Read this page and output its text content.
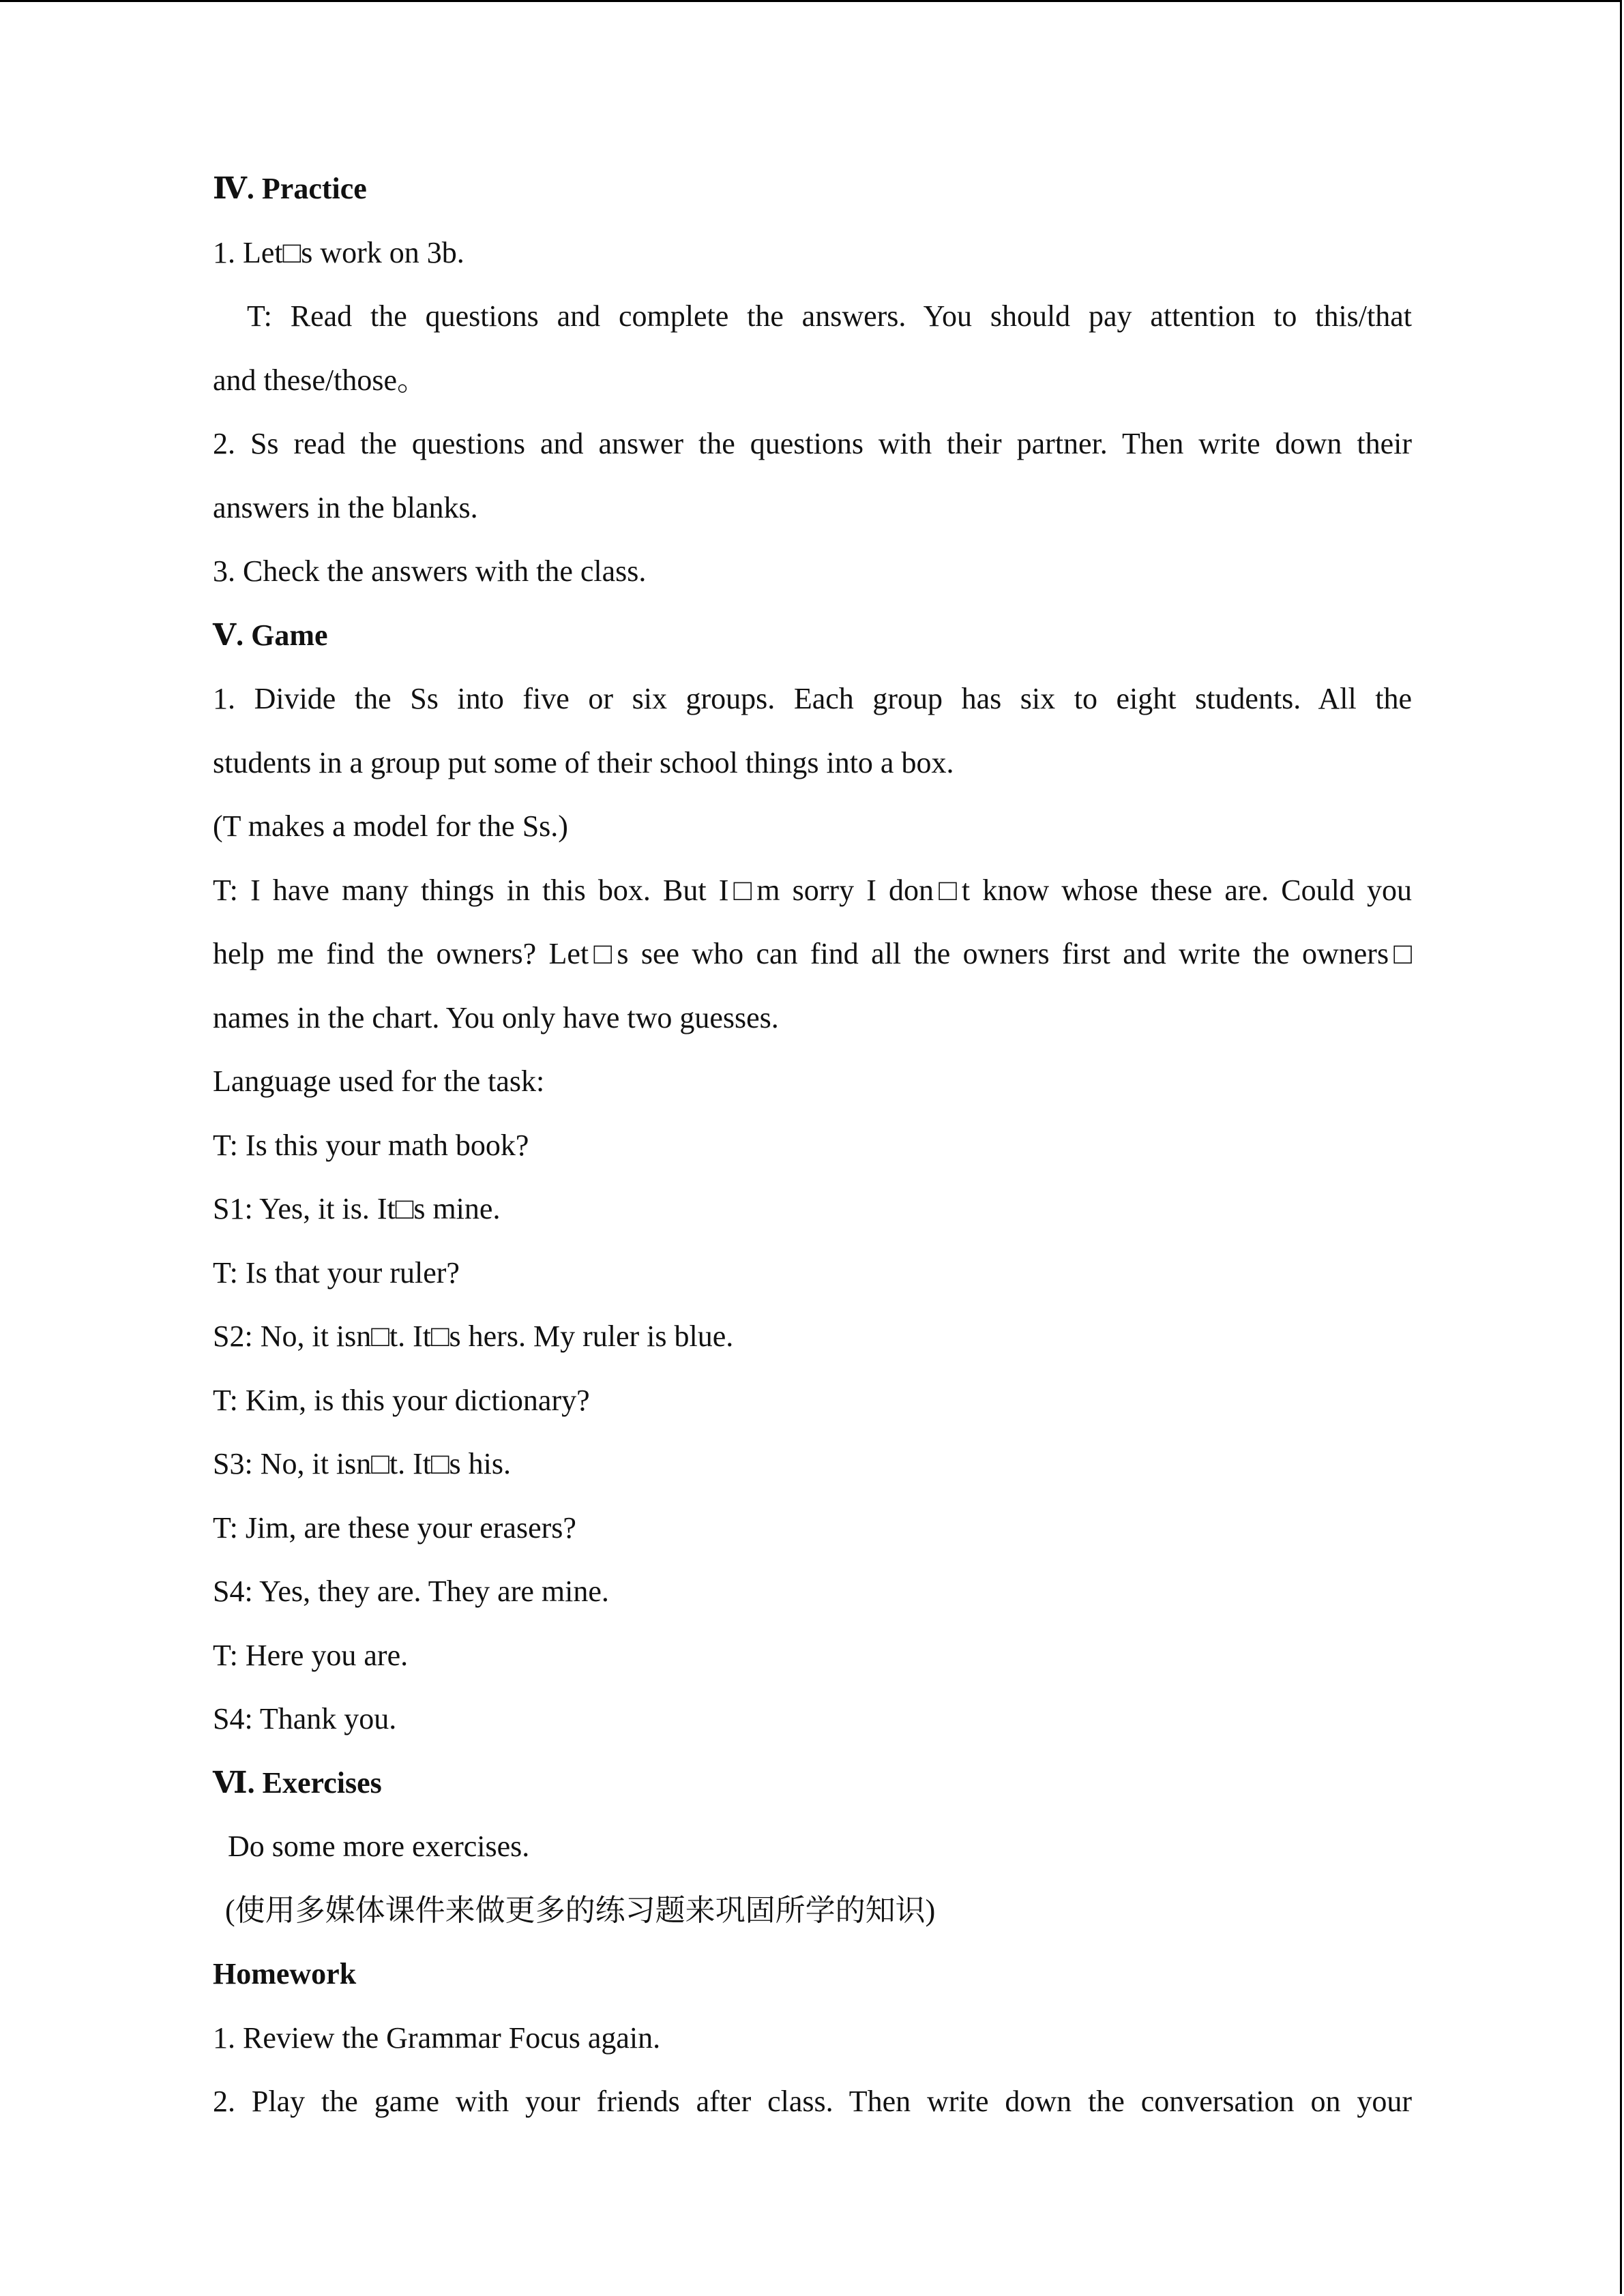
Ⅳ. Practice
1. Let□s work on 3b.
T: Read the questions and complete the answers. You should pay attention to this/that
and these/those。
2. Ss read the questions and answer the questions with their partner. Then write down their
answers in the blanks.
3. Check the answers with the class.
Ⅴ. Game
1. Divide the Ss into five or six groups. Each group has six to eight students. All the
students in a group put some of their school things into a box.
(T makes a model for the Ss.)
T: I have many things in this box. But I□m sorry I don□t know whose these are. Could you
help me find the owners? Let□s see who can find all the owners first and write the owners□
names in the chart. You only have two guesses.
Language used for the task:
T: Is this your math book?
S1: Yes, it is. It□s mine.
T: Is that your ruler?
S2: No, it isn□t. It□s hers. My ruler is blue.
T: Kim, is this your dictionary?
S3: No, it isn□t. It□s his.
T: Jim, are these your erasers?
S4: Yes, they are. They are mine.
T: Here you are.
S4: Thank you.
Ⅵ. Exercises
Do some more exercises.
(使用多媒体课件来做更多的练习题来巩固所学的知识)
Homework
1. Review the Grammar Focus again.
2. Play the game with your friends after class. Then write down the conversation on your
